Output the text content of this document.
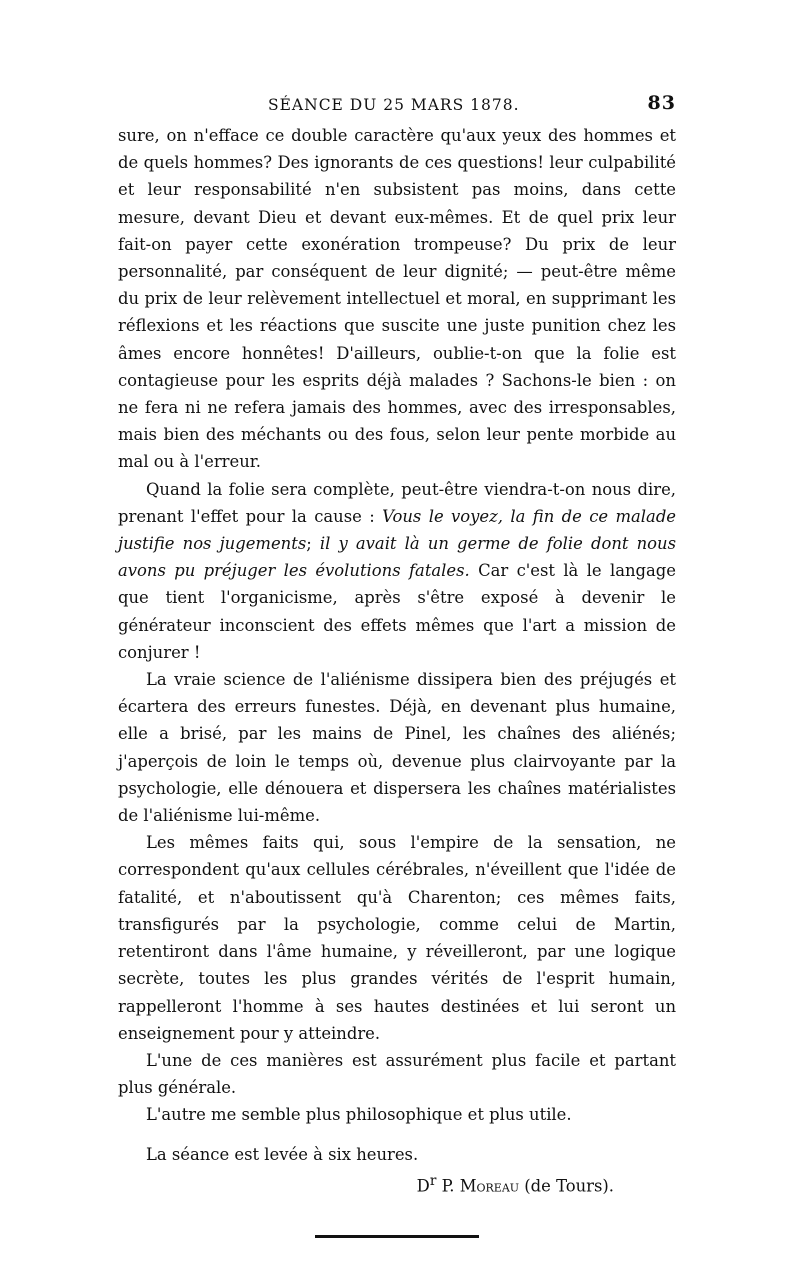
SÉANCE DU 25 MARS 1878.	83

sure, on n'efface ce double caractère qu'aux yeux des hommes et de quels hommes? Des ignorants de ces questions! leur culpabilité et leur responsabilité n'en subsistent pas moins, dans cette mesure, devant Dieu et devant eux-mêmes. Et de quel prix leur fait-on payer cette exonération trompeuse? Du prix de leur personnalité, par conséquent de leur dignité; — peut-être même du prix de leur relèvement intellectuel et moral, en supprimant les réflexions et les réactions que suscite une juste punition chez les âmes encore honnêtes! D'ailleurs, oublie-t-on que la folie est contagieuse pour les esprits déjà malades ? Sachons-le bien : on ne fera ni ne refera jamais des hommes, avec des irresponsables, mais bien des méchants ou des fous, selon leur pente morbide au mal ou à l'erreur.

Quand la folie sera complète, peut-être viendra-t-on nous dire, prenant l'effet pour la cause : Vous le voyez, la fin de ce malade justifie nos jugements; il y avait là un germe de folie dont nous avons pu préjuger les évolutions fatales. Car c'est là le langage que tient l'organicisme, après s'être exposé à devenir le générateur inconscient des effets mêmes que l'art a mission de conjurer !

La vraie science de l'aliénisme dissipera bien des préjugés et écartera des erreurs funestes. Déjà, en devenant plus humaine, elle a brisé, par les mains de Pinel, les chaînes des aliénés; j'aperçois de loin le temps où, devenue plus clairvoyante par la psychologie, elle dénouera et dispersera les chaînes matérialistes de l'aliénisme lui-même.

Les mêmes faits qui, sous l'empire de la sensation, ne correspondent qu'aux cellules cérébrales, n'éveillent que l'idée de fatalité, et n'aboutissent qu'à Charenton; ces mêmes faits, transfigurés par la psychologie, comme celui de Martin, retentiront dans l'âme humaine, y réveilleront, par une logique secrète, toutes les plus grandes vérités de l'esprit humain, rappelleront l'homme à ses hautes destinées et lui seront un enseignement pour y atteindre.

L'une de ces manières est assurément plus facile et partant plus générale.

L'autre me semble plus philosophique et plus utile.

La séance est levée à six heures.

$D^r$ P. Moreau (de Tours).
